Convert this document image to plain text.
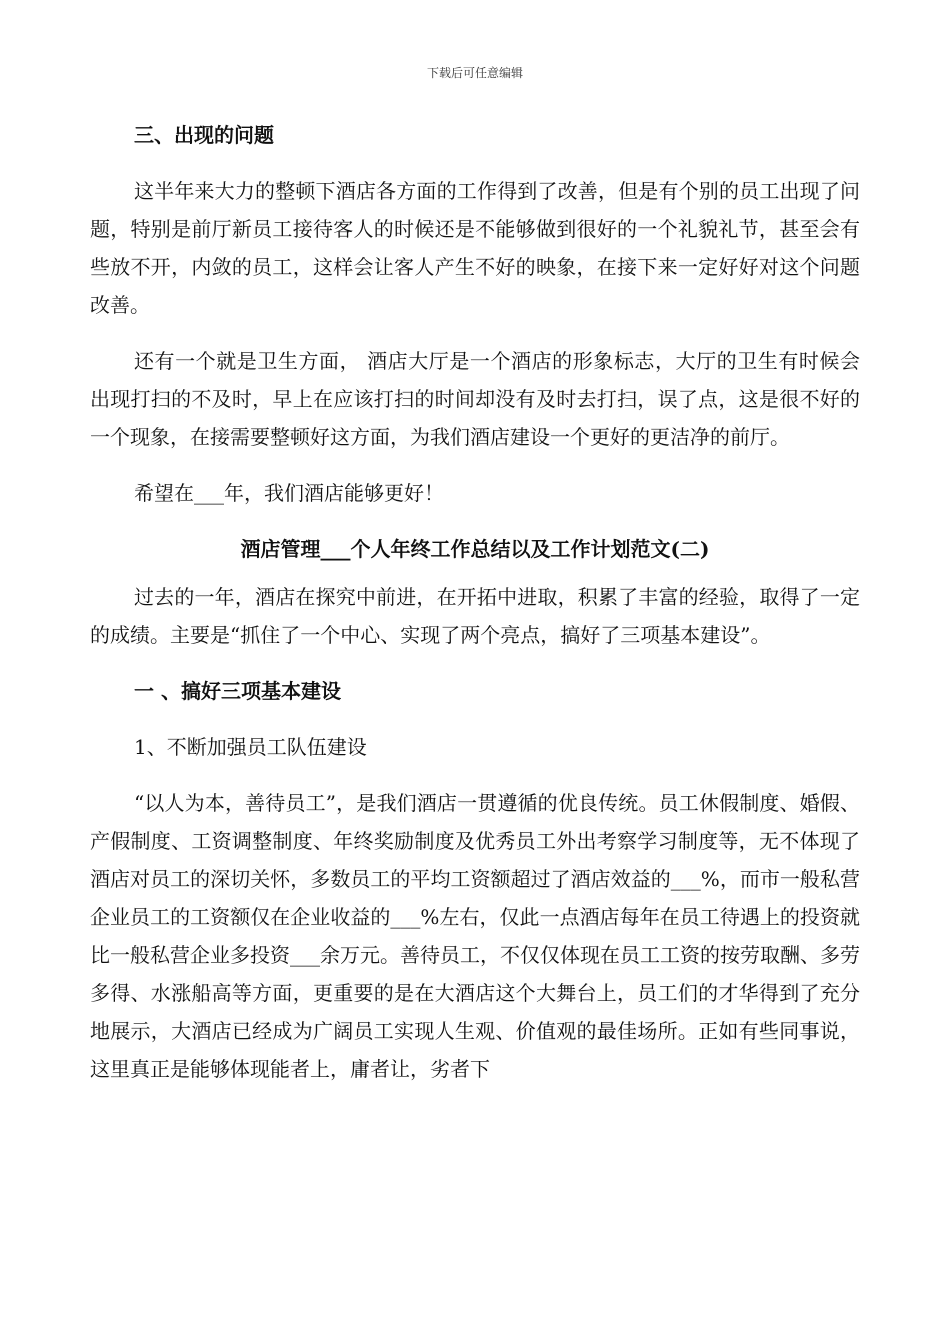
下载后可任意编辑
三、出现的问题

这半年来大力的整顿下酒店各方面的工作得到了改善，但是有个别的员工出现了问题，特别是前厅新员工接待客人的时候还是不能够做到很好的一个礼貌礼节，甚至会有些放不开，内敛的员工，这样会让客人产生不好的映象，在接下来一定好好对这个问题改善。

还有一个就是卫生方面， 酒店大厅是一个酒店的形象标志，大厅的卫生有时候会出现打扫的不及时，早上在应该打扫的时间却没有及时去打扫，误了点，这是很不好的一个现象，在接需要整顿好这方面，为我们酒店建设一个更好的更洁净的前厅。

希望在___年，我们酒店能够更好！

酒店管理___个人年终工作总结以及工作计划范文(二)

过去的一年，酒店在探究中前进，在开拓中进取，积累了丰富的经验，取得了一定的成绩。主要是“抓住了一个中心、实现了两个亮点，搞好了三项基本建设”。

一 、搞好三项基本建设
1、不断加强员工队伍建设

“以人为本，善待员工”，是我们酒店一贯遵循的优良传统。员工休假制度、婚假、产假制度、工资调整制度、年终奖励制度及优秀员工外出考察学习制度等，无不体现了酒店对员工的深切关怀，多数员工的平均工资额超过了酒店效益的___%，而市一般私营企业员工的工资额仅在企业收益的___%左右，仅此一点酒店每年在员工待遇上的投资就比一般私营企业多投资___余万元。善待员工，不仅仅体现在员工工资的按劳取酬、多劳多得、水涨船高等方面，更重要的是在大酒店这个大舞台上，员工们的才华得到了充分地展示，大酒店已经成为广阔员工实现人生观、价值观的最佳场所。正如有些同事说，这里真正是能够体现能者上，庸者让，劣者下
